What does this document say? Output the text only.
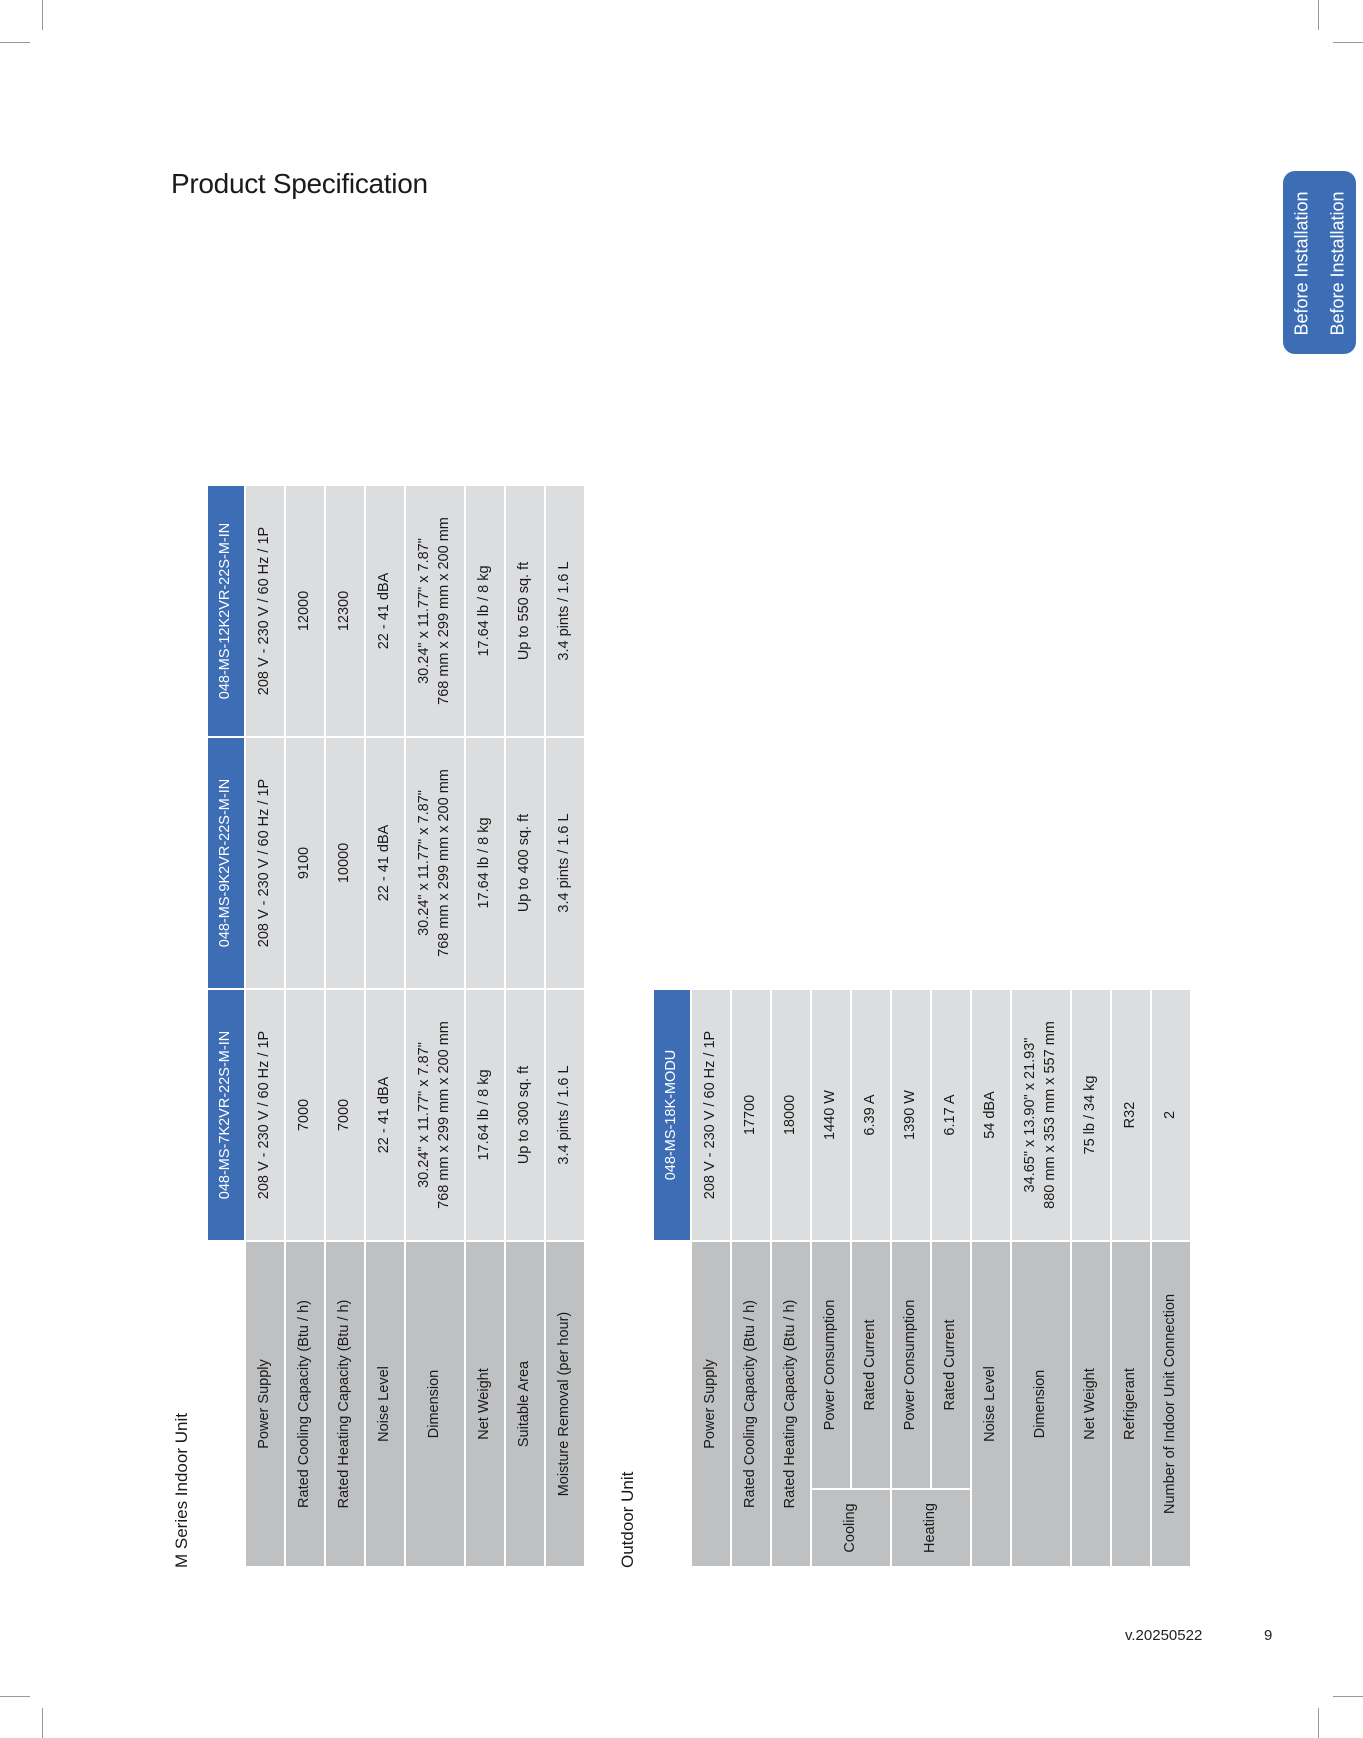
Product Specification
Before Installation Before Installation
M Series Indoor Unit
	048-MS-7K2VR-22S-M-IN	048-MS-9K2VR-22S-M-IN	048-MS-12K2VR-22S-M-IN
Power Supply	208 V - 230 V / 60 Hz / 1P	208 V - 230 V / 60 Hz / 1P	208 V - 230 V / 60 Hz / 1P
Rated Cooling Capacity (Btu / h)	7000	9100	12000
Rated Heating Capacity (Btu / h)	7000	10000	12300
Noise Level	22 - 41 dBA	22 - 41 dBA	22 - 41 dBA
Dimension	30.24" x 11.77" x 7.87" 768 mm x 299 mm x 200 mm	30.24" x 11.77" x 7.87" 768 mm x 299 mm x 200 mm	30.24" x 11.77" x 7.87" 768 mm x 299 mm x 200 mm

Net Weight	17.64 lb / 8 kg	17.64 lb / 8 kg	17.64 lb / 8 kg
Suitable Area	Up to 300 sq. ft	Up to 400 sq. ft	Up to 550 sq. ft
Moisture Removal (per hour)	3.4 pints / 1.6 L	3.4 pints / 1.6 L	3.4 pints / 1.6 L
Outdoor Unit
		048-MS-18K-MODU
Power Supply		208 V - 230 V / 60 Hz / 1P
Rated Cooling Capacity (Btu / h)		17700
Rated Heating Capacity (Btu / h)		18000
Cooling	Power Consumption	1440 W
	Rated Current	6.39 A
Heating	Power Consumption	1390 W
	Rated Current	6.17 A
Noise Level		54 dBA
Dimension		34.65" x 13.90" x 21.93" 880 mm x 353 mm x 557 mm

Net Weight		75 lb / 34 kg
Refrigerant		R32
Number of Indoor Unit Connection		2
v.20250522	9
